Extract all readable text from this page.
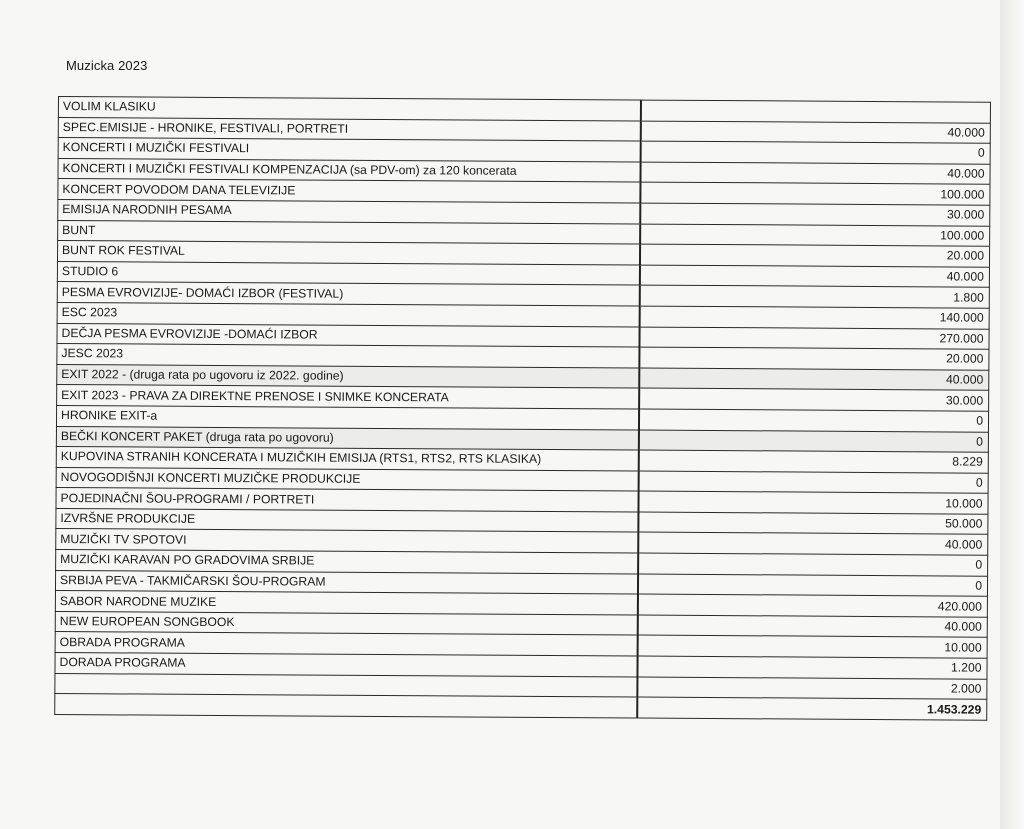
Muzicka 2023
VOLIM KLASIKU	
SPEC.EMISIJE - HRONIKE, FESTIVALI, PORTRETI	40.000
KONCERTI I MUZIČKI FESTIVALI	0
KONCERTI I MUZIČKI FESTIVALI KOMPENZACIJA (sa PDV-om) za 120 koncerata	40.000
KONCERT POVODOM DANA TELEVIZIJE	100.000
EMISIJA NARODNIH PESAMA	30.000
BUNT	100.000
BUNT ROK FESTIVAL	20.000
STUDIO 6	40.000
PESMA EVROVIZIJE- DOMAĆI IZBOR (FESTIVAL)	1.800
ESC 2023	140.000
DEČJA PESMA EVROVIZIJE -DOMAĆI IZBOR	270.000
JESC 2023	20.000
EXIT 2022 - (druga rata po ugovoru iz 2022. godine)	40.000
EXIT 2023 - PRAVA ZA DIREKTNE PRENOSE I SNIMKE KONCERATA	30.000
HRONIKE EXIT-a	0
BEČKI KONCERT PAKET (druga rata po ugovoru)	0
KUPOVINA STRANIH KONCERATA I MUZIČKIH EMISIJA (RTS1, RTS2, RTS KLASIKA)	8.229
NOVOGODIŠNJI KONCERTI MUZIČKE PRODUKCIJE	0
POJEDINAČNI ŠOU-PROGRAMI / PORTRETI	10.000
IZVRŠNE PRODUKCIJE	50.000
MUZIČKI TV SPOTOVI	40.000
MUZIČKI KARAVAN PO GRADOVIMA SRBIJE	0
SRBIJA PEVA - TAKMIČARSKI ŠOU-PROGRAM	0
SABOR NARODNE MUZIKE	420.000
NEW EUROPEAN SONGBOOK	40.000
OBRADA PROGRAMA	10.000
DORADA PROGRAMA	1.200
	2.000
	1.453.229
